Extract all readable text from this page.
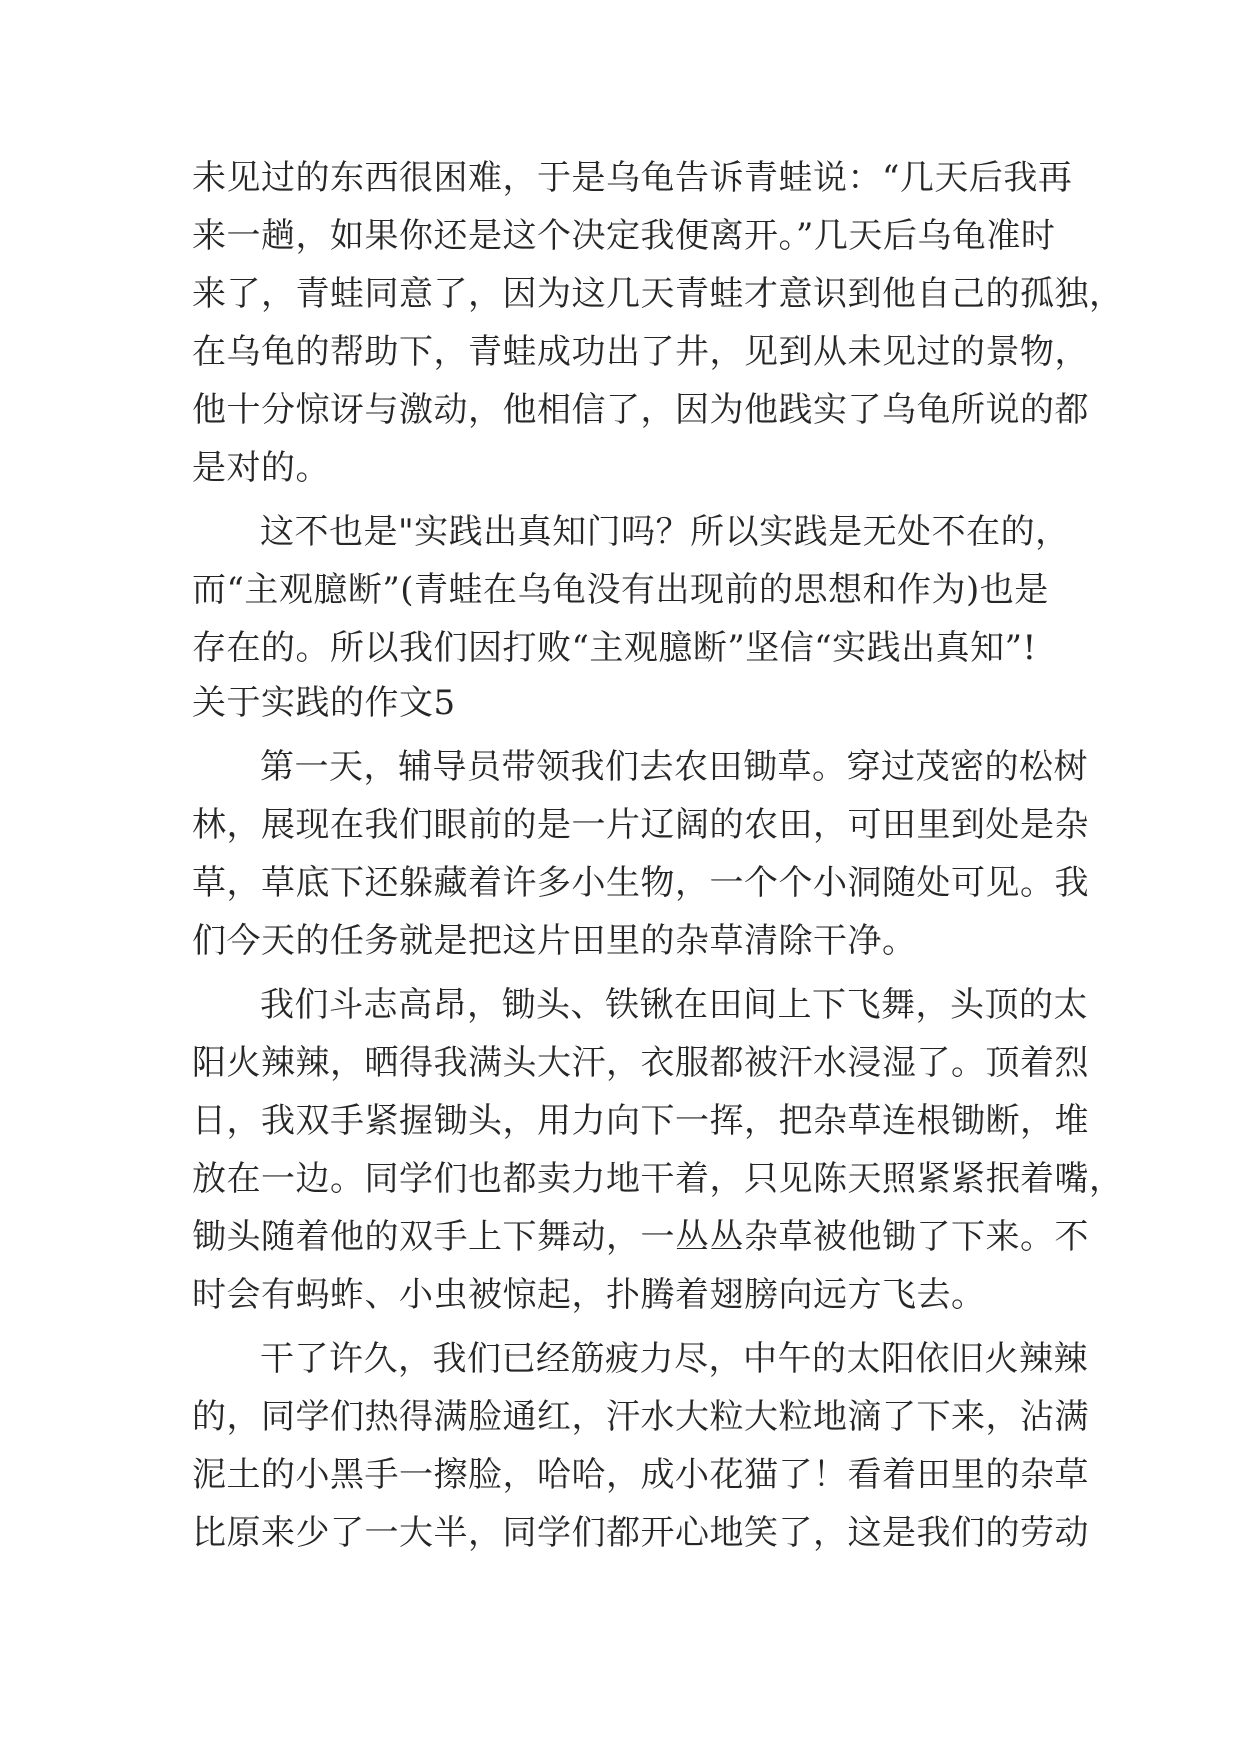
未见过的东西很困难，于是乌龟告诉青蛙说：“几天后我再
来一趟，如果你还是这个决定我便离开。”几天后乌龟准时
来了，青蛙同意了，因为这几天青蛙才意识到他自己的孤独，
在乌龟的帮助下，青蛙成功出了井，见到从未见过的景物，
他十分惊讶与激动，他相信了，因为他践实了乌龟所说的都
是对的。
这不也是"实践出真知门吗？所以实践是无处不在的，
而“主观臆断”(青蛙在乌龟没有出现前的思想和作为)也是
存在的。所以我们因打败“主观臆断”坚信“实践出真知”!
关于实践的作文5
第一天，辅导员带领我们去农田锄草。穿过茂密的松树
林，展现在我们眼前的是一片辽阔的农田，可田里到处是杂
草，草底下还躲藏着许多小生物，一个个小洞随处可见。我
们今天的任务就是把这片田里的杂草清除干净。
我们斗志高昂，锄头、铁锹在田间上下飞舞，头顶的太
阳火辣辣，晒得我满头大汗，衣服都被汗水浸湿了。顶着烈
日，我双手紧握锄头，用力向下一挥，把杂草连根锄断，堆
放在一边。同学们也都卖力地干着，只见陈天照紧紧抿着嘴，
锄头随着他的双手上下舞动，一丛丛杂草被他锄了下来。不
时会有蚂蚱、小虫被惊起，扑腾着翅膀向远方飞去。
干了许久，我们已经筋疲力尽，中午的太阳依旧火辣辣
的，同学们热得满脸通红，汗水大粒大粒地滴了下来，沾满
泥土的小黑手一擦脸，哈哈，成小花猫了！看着田里的杂草
比原来少了一大半，同学们都开心地笑了，这是我们的劳动
